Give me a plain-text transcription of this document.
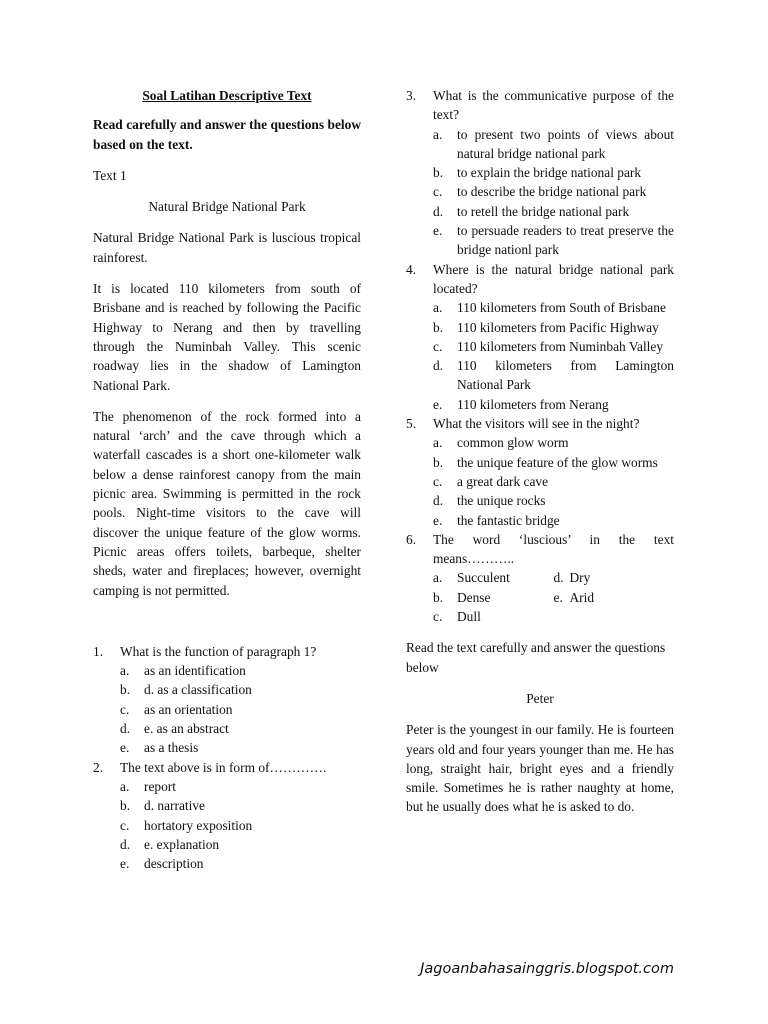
Soal Latihan Descriptive Text

Read carefully and answer the questions below based on the text.

Text 1

Natural Bridge National Park

Natural Bridge National Park is luscious tropical rainforest.

It is located 110 kilometers from south of Brisbane and is reached by following the Pacific Highway to Nerang and then by travelling through the Numinbah Valley. This scenic roadway lies in the shadow of Lamington National Park.

The phenomenon of the rock formed into a natural ‘arch’ and the cave through which a waterfall cascades is a short one-kilometer walk below a dense rainforest canopy from the main picnic area. Swimming is permitted in the rock pools. Night-time visitors to the cave will discover the unique feature of the glow worms. Picnic areas offers toilets, barbeque, shelter sheds, water and fireplaces; however, overnight camping is not permitted.

1.	What is the function of paragraph 1?
a.	as an identification
b.	d. as a classification
c.	as an orientation
d.	e. as an abstract
e.	as a thesis
2.	The text above is in form of………….
a.	report
b.	d. narrative
c.	hortatory exposition
d.	e. explanation
e.	description
3.	What is the communicative purpose of the text?
a.	to present two points of views about natural bridge national park
b.	to explain the bridge national park
c.	to describe the bridge national park
d.	to retell the bridge national park
e.	to persuade readers to treat preserve the bridge nationl park
4.	Where is the natural bridge national park located?
a.	110 kilometers from South of Brisbane
b.	110 kilometers from Pacific Highway
c.	110 kilometers from Numinbah Valley
d.	110 kilometers from Lamington National Park
e.	110 kilometers from Nerang
5.	What the visitors will see in the night?
a.	common glow worm
b.	the unique feature of the glow worms
c.	a great dark cave
d.	the unique rocks
e.	the fantastic bridge
6.	The word ‘luscious’ in the text means………..
a.	Succulent	d. Dry
b.	Dense	e. Arid
c.	Dull

Read the text carefully and answer the questions below

Peter

Peter is the youngest in our family. He is fourteen years old and four years younger than me. He has long, straight hair, bright eyes and a friendly smile. Sometimes he is rather naughty at home, but he usually does what he is asked to do.

Jagoanbahasainggris.blogspot.com
